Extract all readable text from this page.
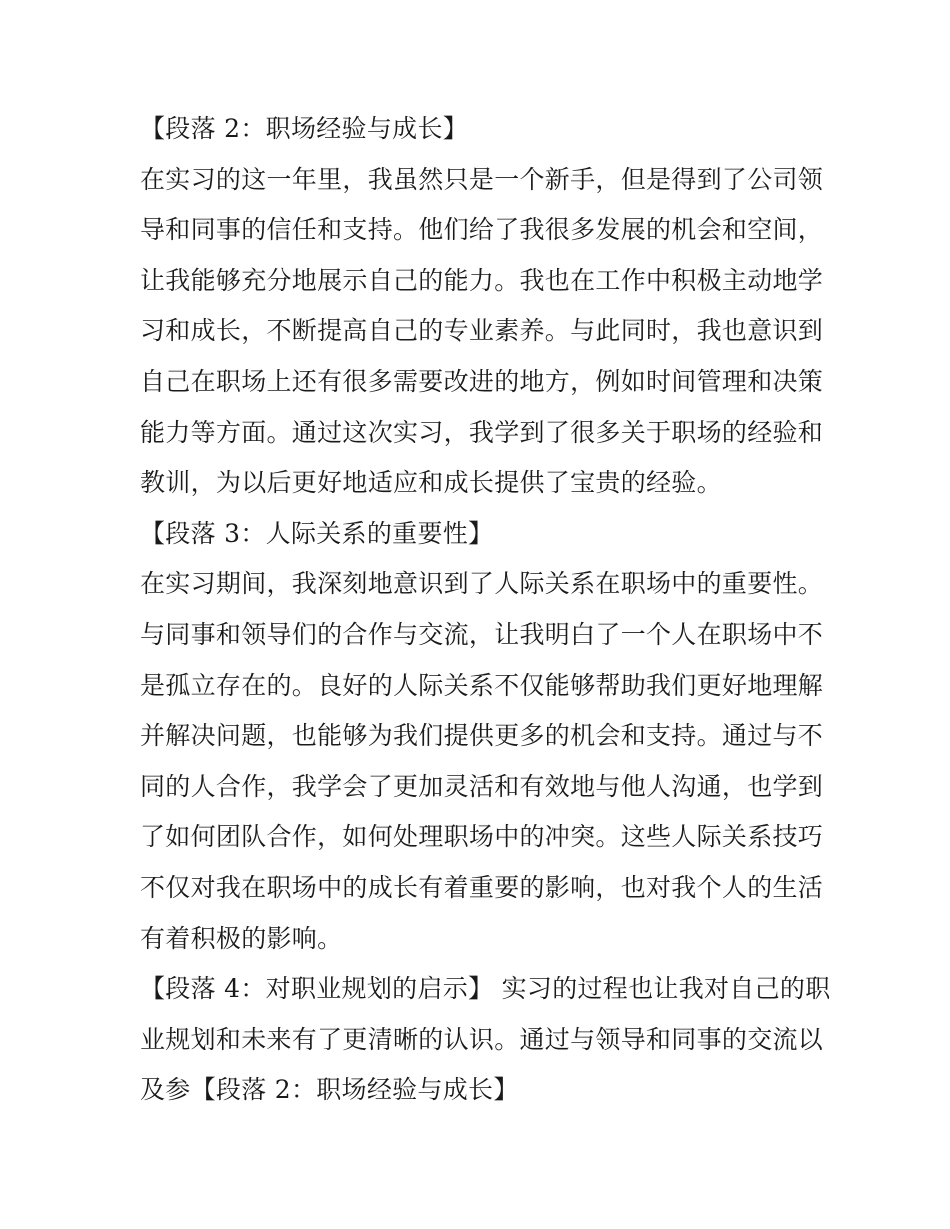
【段落 2：职场经验与成长】
在实习的这一年里，我虽然只是一个新手，但是得到了公司领
导和同事的信任和支持。他们给了我很多发展的机会和空间，
让我能够充分地展示自己的能力。我也在工作中积极主动地学
习和成长，不断提高自己的专业素养。与此同时，我也意识到
自己在职场上还有很多需要改进的地方，例如时间管理和决策
能力等方面。通过这次实习，我学到了很多关于职场的经验和
教训，为以后更好地适应和成长提供了宝贵的经验。
【段落 3：人际关系的重要性】
在实习期间，我深刻地意识到了人际关系在职场中的重要性。
与同事和领导们的合作与交流，让我明白了一个人在职场中不
是孤立存在的。良好的人际关系不仅能够帮助我们更好地理解
并解决问题，也能够为我们提供更多的机会和支持。通过与不
同的人合作，我学会了更加灵活和有效地与他人沟通，也学到
了如何团队合作，如何处理职场中的冲突。这些人际关系技巧
不仅对我在职场中的成长有着重要的影响，也对我个人的生活
有着积极的影响。
【段落 4：对职业规划的启示】 实习的过程也让我对自己的职
业规划和未来有了更清晰的认识。通过与领导和同事的交流以
及参【段落 2：职场经验与成长】
